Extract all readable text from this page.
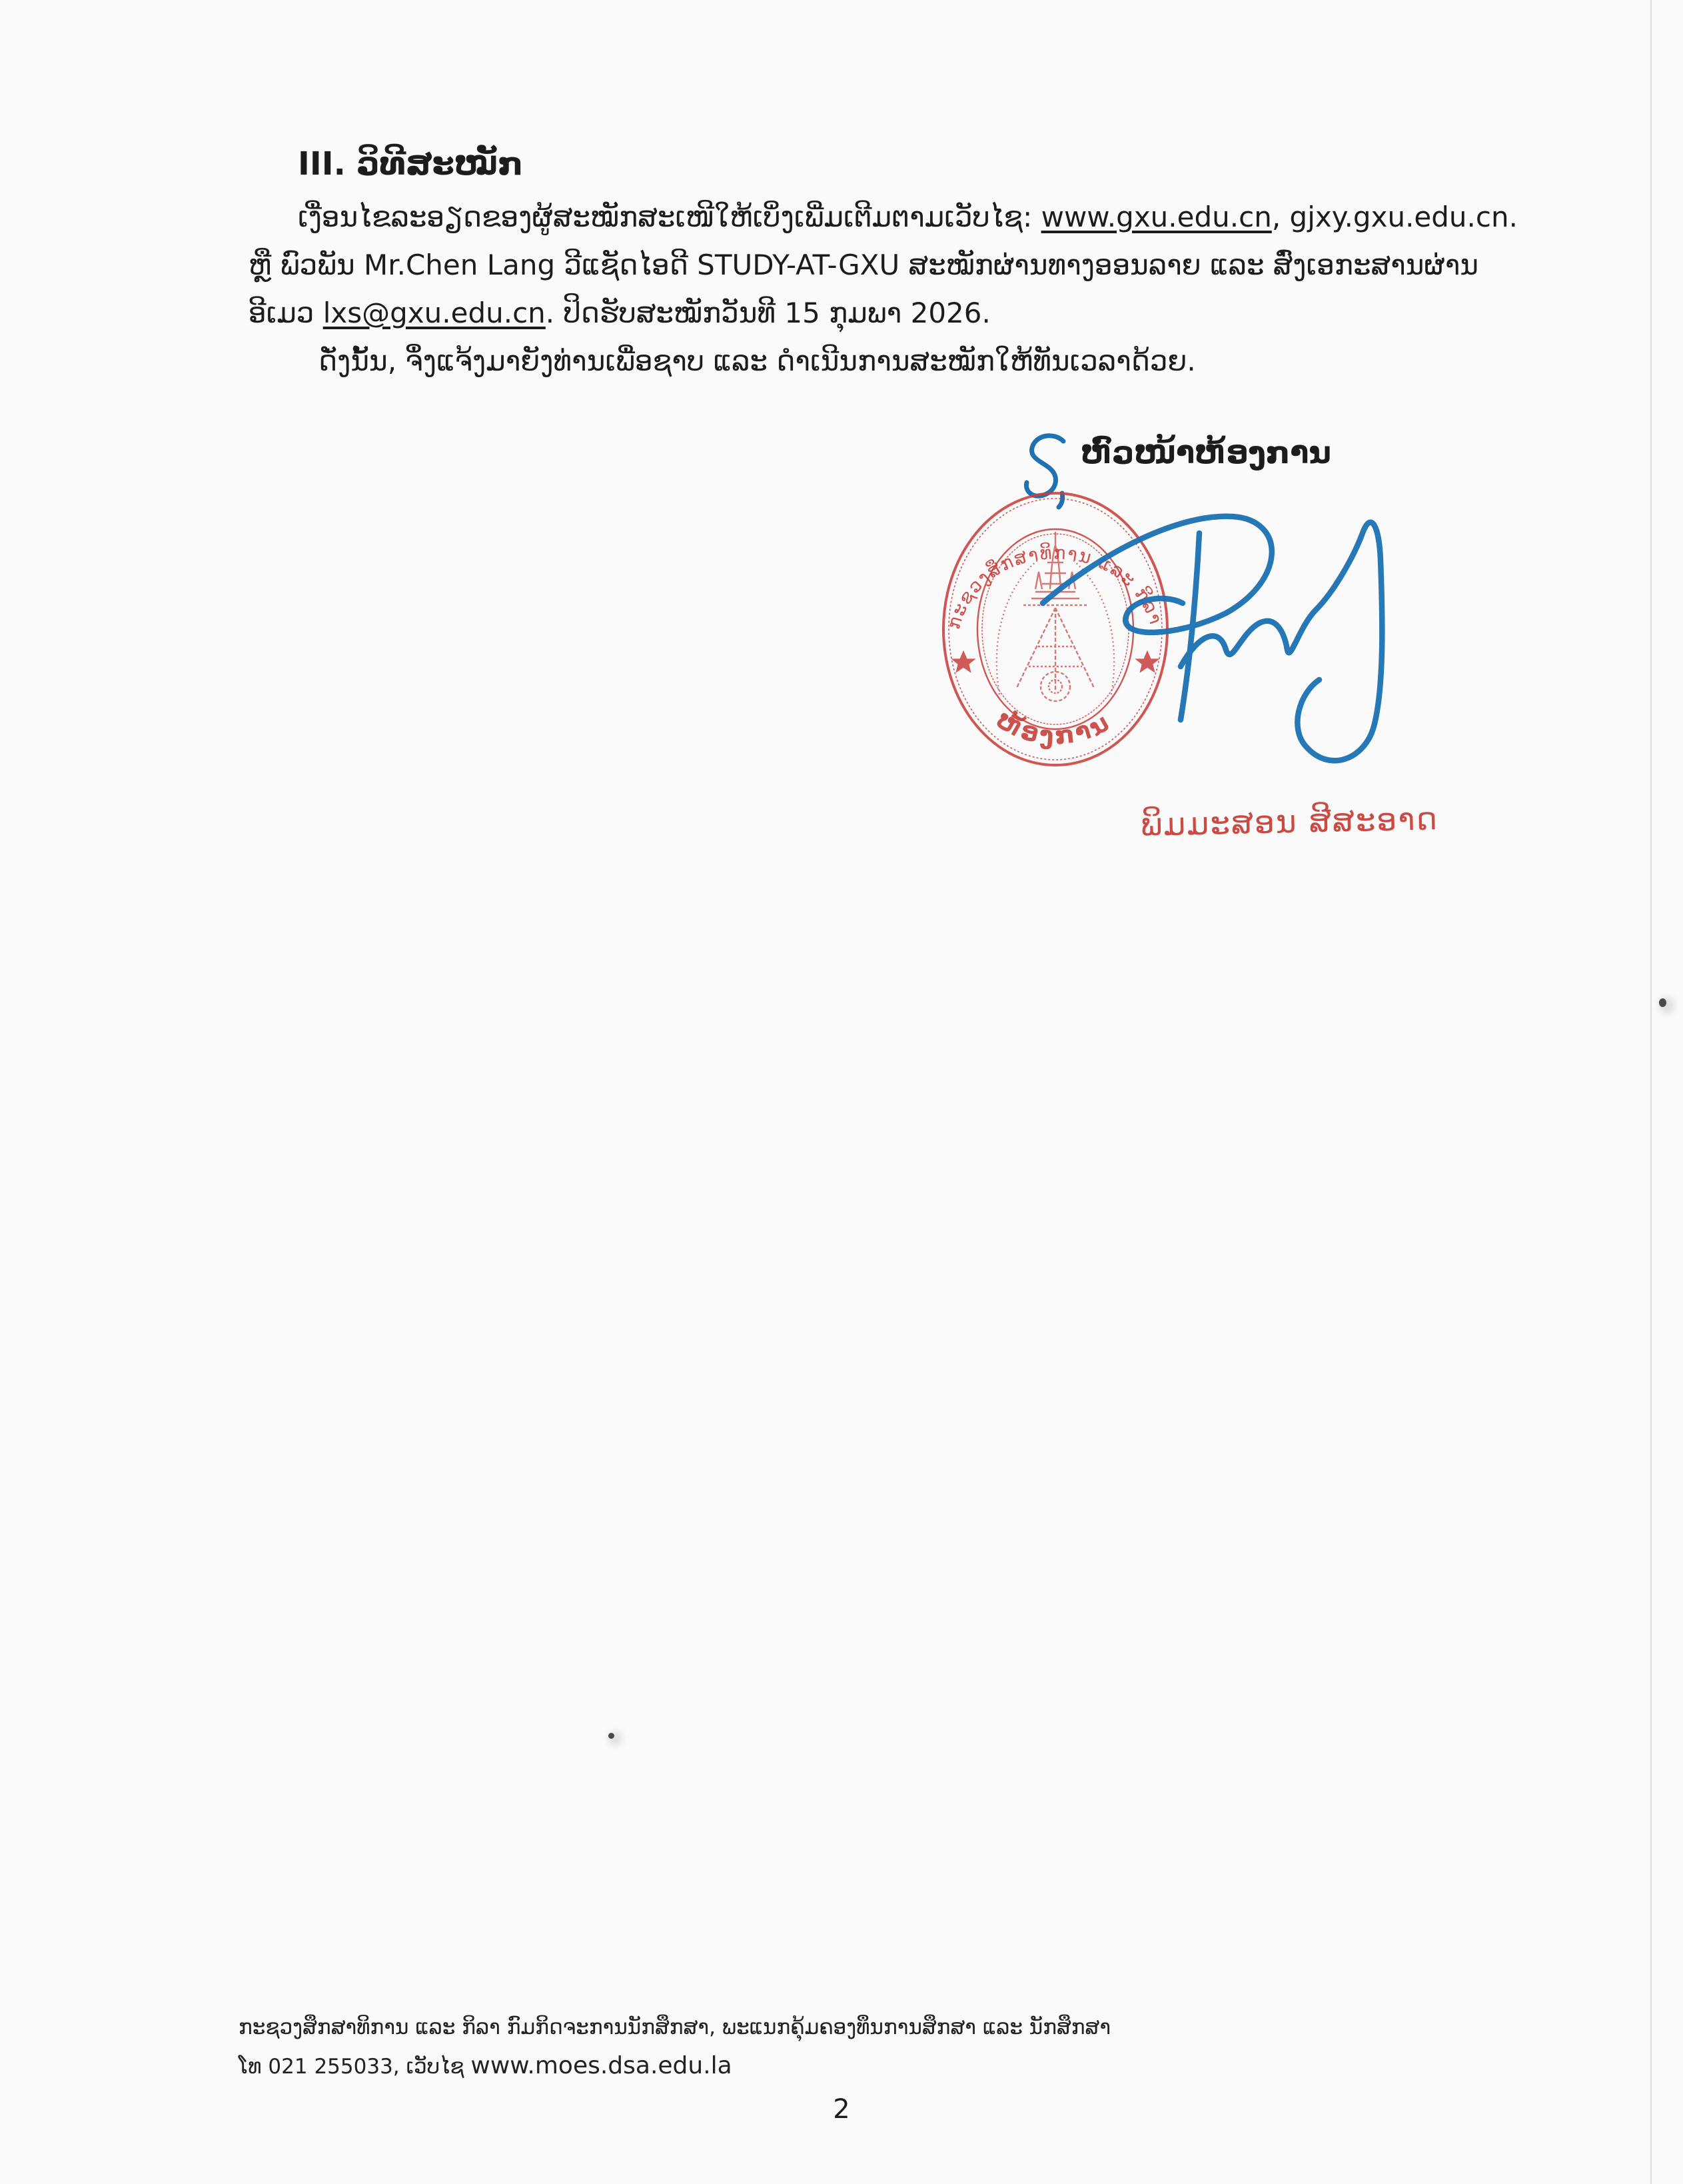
III. ວິທີສະໝັກ
ເງື່ອນໄຂລະອຽດຂອງຜູ້ສະໝັກສະເໜີໃຫ້ເບິ່ງເພີ່ມເຕີມຕາມເວັບໄຊ: www.gxu.edu.cn, gjxy.gxu.edu.cn.
ຫຼື ພົວພັນ Mr.Chen Lang ວີແຊັດໄອດີ STUDY-AT-GXU ສະໝັກຜ່ານທາງອອນລາຍ ແລະ ສົ່ງເອກະສານຜ່ານ
ອີເມວ lxs@gxu.edu.cn. ປິດຮັບສະໝັກວັນທີ 15 ກຸມພາ 2026.
ດັ່ງນັ້ນ, ຈຶ່ງແຈ້ງມາຍັງທ່ານເພື່ອຊາບ ແລະ ດຳເນີນການສະໝັກໃຫ້ທັນເວລາດ້ວຍ.
ຫົວໜ້າຫ້ອງການ
ກະຊວງສຶກສາທິການ ແລະ ກິລາ
ຫ້ອງການ
ພິມມະສອນ ສີສະອາດ
ກະຊວງສຶກສາທິການ ແລະ ກິລາ ກົມກິດຈະການນັກສຶກສາ, ພະແນກຄຸ້ມຄອງທຶນການສຶກສາ ແລະ ນັກສຶກສາ
ໂທ 021 255033, ເວັບໄຊ www.moes.dsa.edu.la
2
